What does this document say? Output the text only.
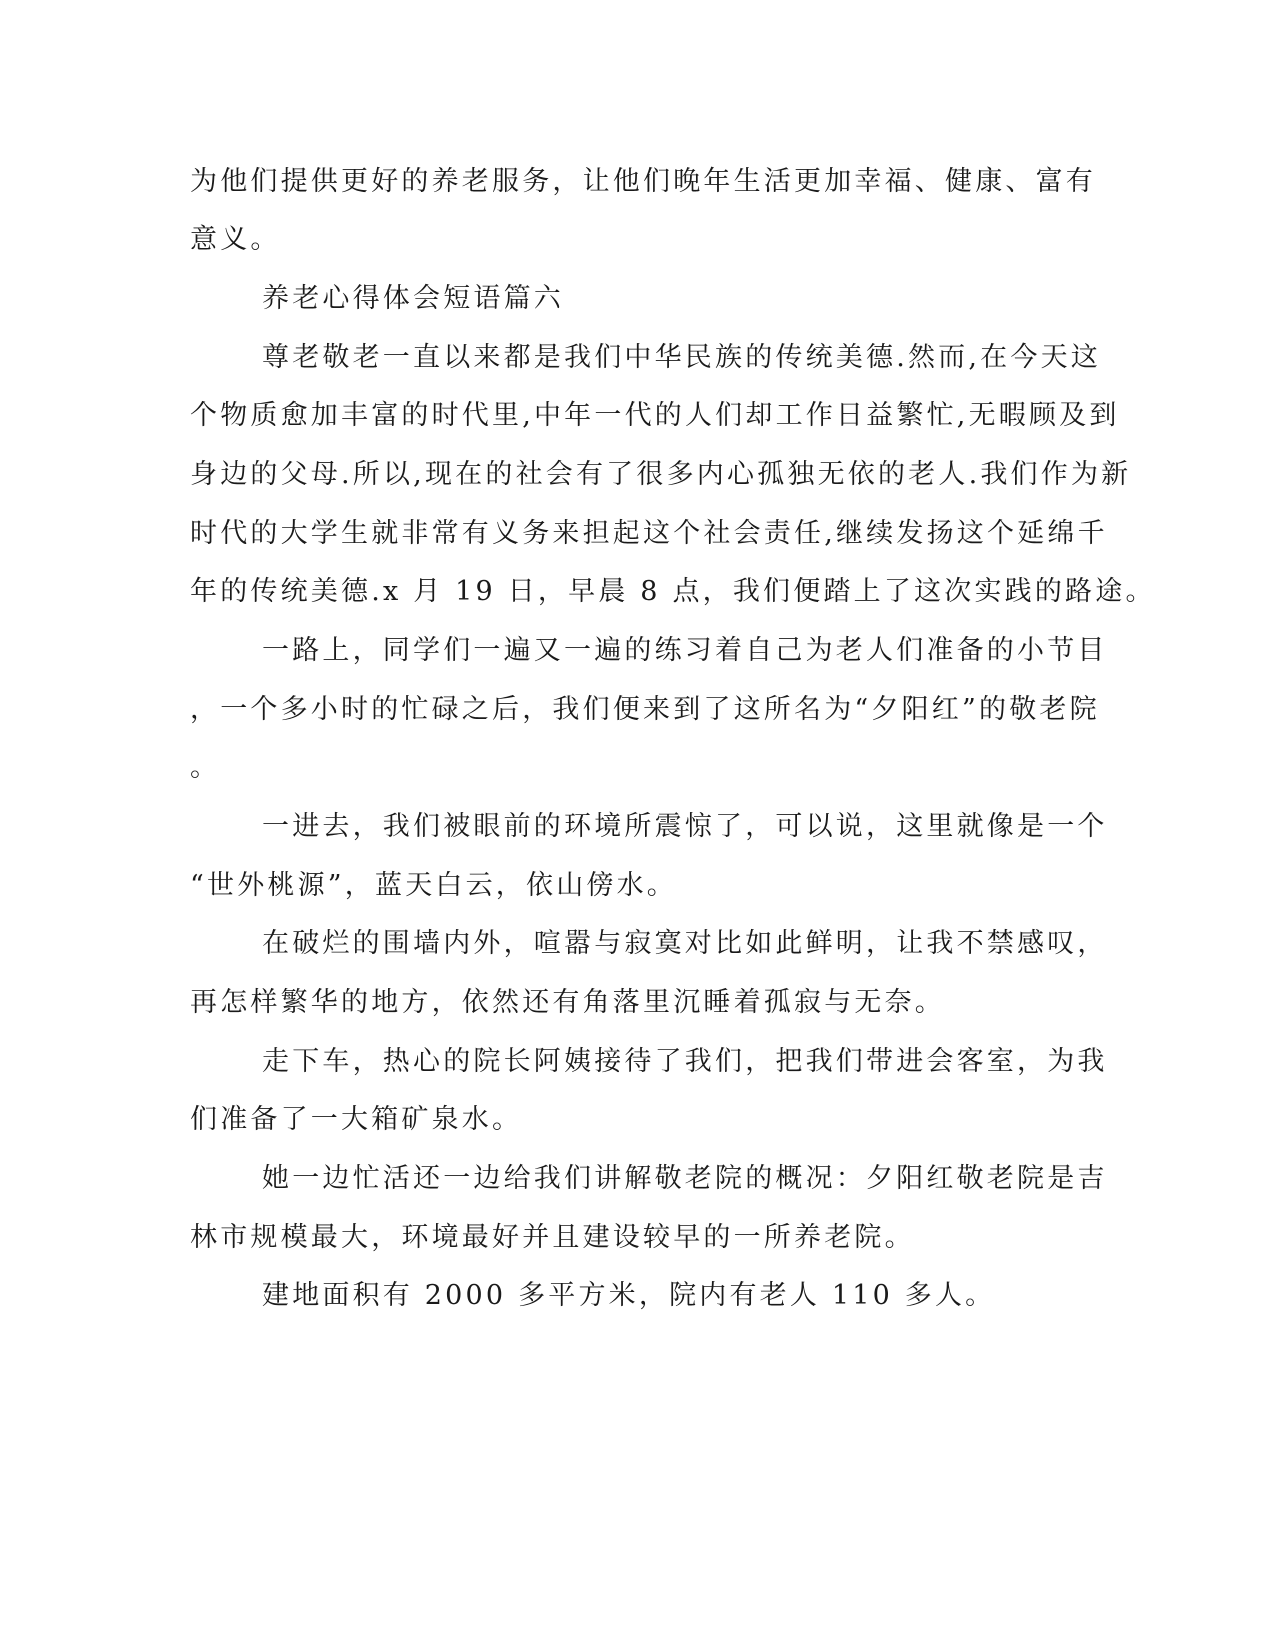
为他们提供更好的养老服务，让他们晚年生活更加幸福、健康、富有
意义。
养老心得体会短语篇六
尊老敬老一直以来都是我们中华民族的传统美德.然而,在今天这
个物质愈加丰富的时代里,中年一代的人们却工作日益繁忙,无暇顾及到
身边的父母.所以,现在的社会有了很多内心孤独无依的老人.我们作为新
时代的大学生就非常有义务来担起这个社会责任,继续发扬这个延绵千
年的传统美德.x 月 19 日，早晨 8 点，我们便踏上了这次实践的路途。
一路上，同学们一遍又一遍的练习着自己为老人们准备的小节目
，一个多小时的忙碌之后，我们便来到了这所名为“夕阳红”的敬老院
。
一进去，我们被眼前的环境所震惊了，可以说，这里就像是一个
“世外桃源”，蓝天白云，依山傍水。
在破烂的围墙内外，喧嚣与寂寞对比如此鲜明，让我不禁感叹，
再怎样繁华的地方，依然还有角落里沉睡着孤寂与无奈。
走下车，热心的院长阿姨接待了我们，把我们带进会客室，为我
们准备了一大箱矿泉水。
她一边忙活还一边给我们讲解敬老院的概况：夕阳红敬老院是吉
林市规模最大，环境最好并且建设较早的一所养老院。
建地面积有 2000 多平方米，院内有老人 110 多人。
